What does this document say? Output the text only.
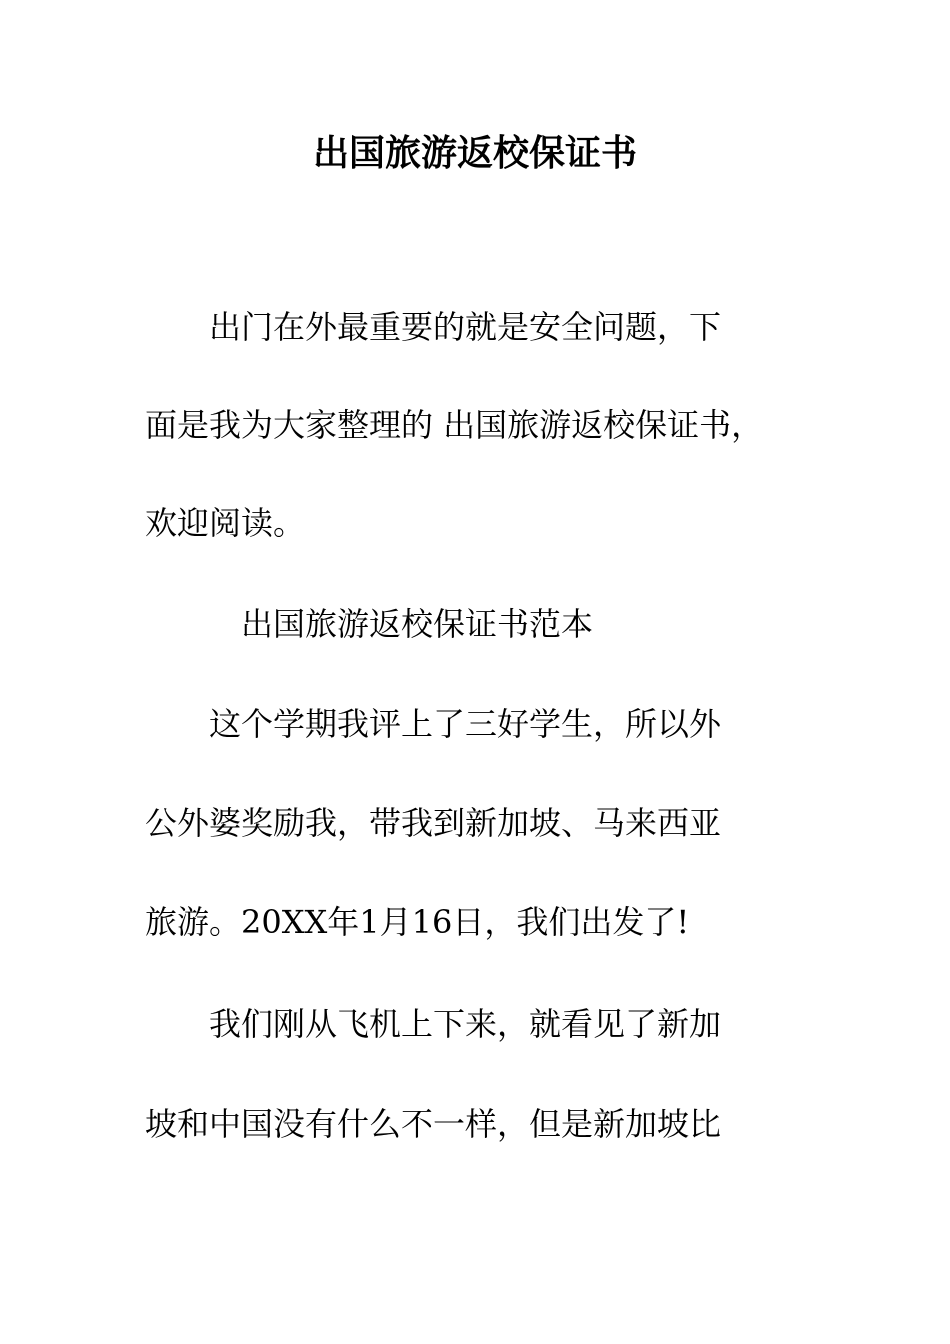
出国旅游返校保证书
　　出门在外最重要的就是安全问题，下
面是我为大家整理的 出国旅游返校保证书，
欢迎阅读。
　　　出国旅游返校保证书范本
　　这个学期我评上了三好学生，所以外
公外婆奖励我，带我到新加坡、马来西亚
旅游。20XX年1月16日，我们出发了!
　　我们刚从飞机上下来，就看见了新加
坡和中国没有什么不一样，但是新加坡比
